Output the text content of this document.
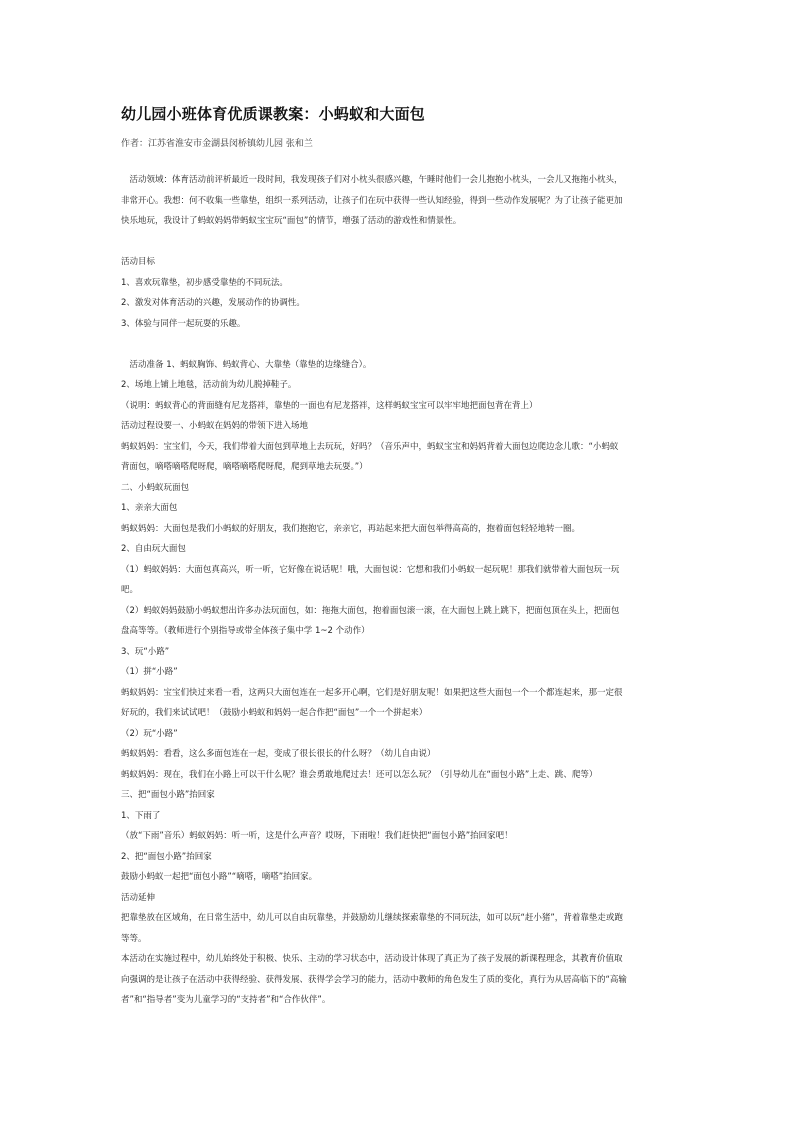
幼儿园小班体育优质课教案：小蚂蚁和大面包
作者：江苏省淮安市金湖县闵桥镇幼儿园 张和兰
　活动领域：体育活动前评析最近一段时间，我发现孩子们对小枕头很感兴趣，午睡时他们一会儿抱抱小枕头，一会儿又拖拖小枕头，
非常开心。我想：何不收集一些靠垫，组织一系列活动，让孩子们在玩中获得一些认知经验，得到一些动作发展呢？为了让孩子能更加
快乐地玩，我设计了蚂蚁妈妈带蚂蚁宝宝玩“面包”的情节，增强了活动的游戏性和情景性。
活动目标
1、喜欢玩靠垫，初步感受靠垫的不同玩法。
2、激发对体育活动的兴趣，发展动作的协调性。
3、体验与同伴一起玩耍的乐趣。
　活动准备 1、蚂蚁胸饰、蚂蚁背心、大靠垫（靠垫的边缘缝合）。
2、场地上铺上地毯，活动前为幼儿脱掉鞋子。
（说明：蚂蚁背心的背面缝有尼龙搭袢，靠垫的一面也有尼龙搭袢，这样蚂蚁宝宝可以牢牢地把面包背在背上）
活动过程设要一、小蚂蚁在妈妈的带领下进入场地
蚂蚁妈妈：宝宝们，今天，我们带着大面包到草地上去玩玩，好吗？（音乐声中，蚂蚁宝宝和妈妈背着大面包边爬边念儿歌：“小蚂蚁
背面包，嘀嗒嘀嗒爬呀爬，嘀嗒嘀嗒爬呀爬，爬到草地去玩耍。”）
二、小蚂蚁玩面包
1、亲亲大面包
蚂蚁妈妈：大面包是我们小蚂蚁的好朋友，我们抱抱它，亲亲它，再站起来把大面包举得高高的，抱着面包轻轻地转一圈。
2、自由玩大面包
（1）蚂蚁妈妈：大面包真高兴，听一听，它好像在说话呢！哦，大面包说：它想和我们小蚂蚁一起玩呢！那我们就带着大面包玩一玩
吧。
（2）蚂蚁妈妈鼓励小蚂蚁想出许多办法玩面包，如：拖拖大面包，抱着面包滚一滚，在大面包上跳上跳下，把面包顶在头上，把面包
盘高等等。（教师进行个别指导或带全体孩子集中学 1~2 个动作）
3、玩“小路”
（1）拼“小路”
蚂蚁妈妈：宝宝们快过来看一看，这两只大面包连在一起多开心啊，它们是好朋友呢！如果把这些大面包一个一个都连起来，那一定很
好玩的，我们来试试吧！（鼓励小蚂蚁和妈妈一起合作把“面包”一个一个拼起来）
（2）玩“小路”
蚂蚁妈妈：看看，这么多面包连在一起，变成了很长很长的什么呀？（幼儿自由说）
蚂蚁妈妈：现在，我们在小路上可以干什么呢？谁会勇敢地爬过去！还可以怎么玩？（引导幼儿在“面包小路”上走、跳、爬等）
三、把“面包小路”抬回家
1、下雨了
（放“下雨”音乐）蚂蚁妈妈：听一听，这是什么声音？哎呀，下雨啦！我们赶快把“面包小路”抬回家吧！
2、把“面包小路”抬回家
鼓励小蚂蚁一起把“面包小路”“嘀嗒，嘀嗒”抬回家。
活动延伸
把靠垫放在区域角，在日常生活中，幼儿可以自由玩靠垫，并鼓励幼儿继续探索靠垫的不同玩法，如可以玩“赶小猪”，背着靠垫走或跑
等等。
本活动在实施过程中，幼儿始终处于积极、快乐、主动的学习状态中，活动设计体现了真正为了孩子发展的新课程理念，其教育价值取
向强调的是让孩子在活动中获得经验、获得发展、获得学会学习的能力，活动中教师的角色发生了质的变化，真行为从居高临下的“高输
者”和“指导者”变为儿童学习的“支持者”和“合作伙伴”。
